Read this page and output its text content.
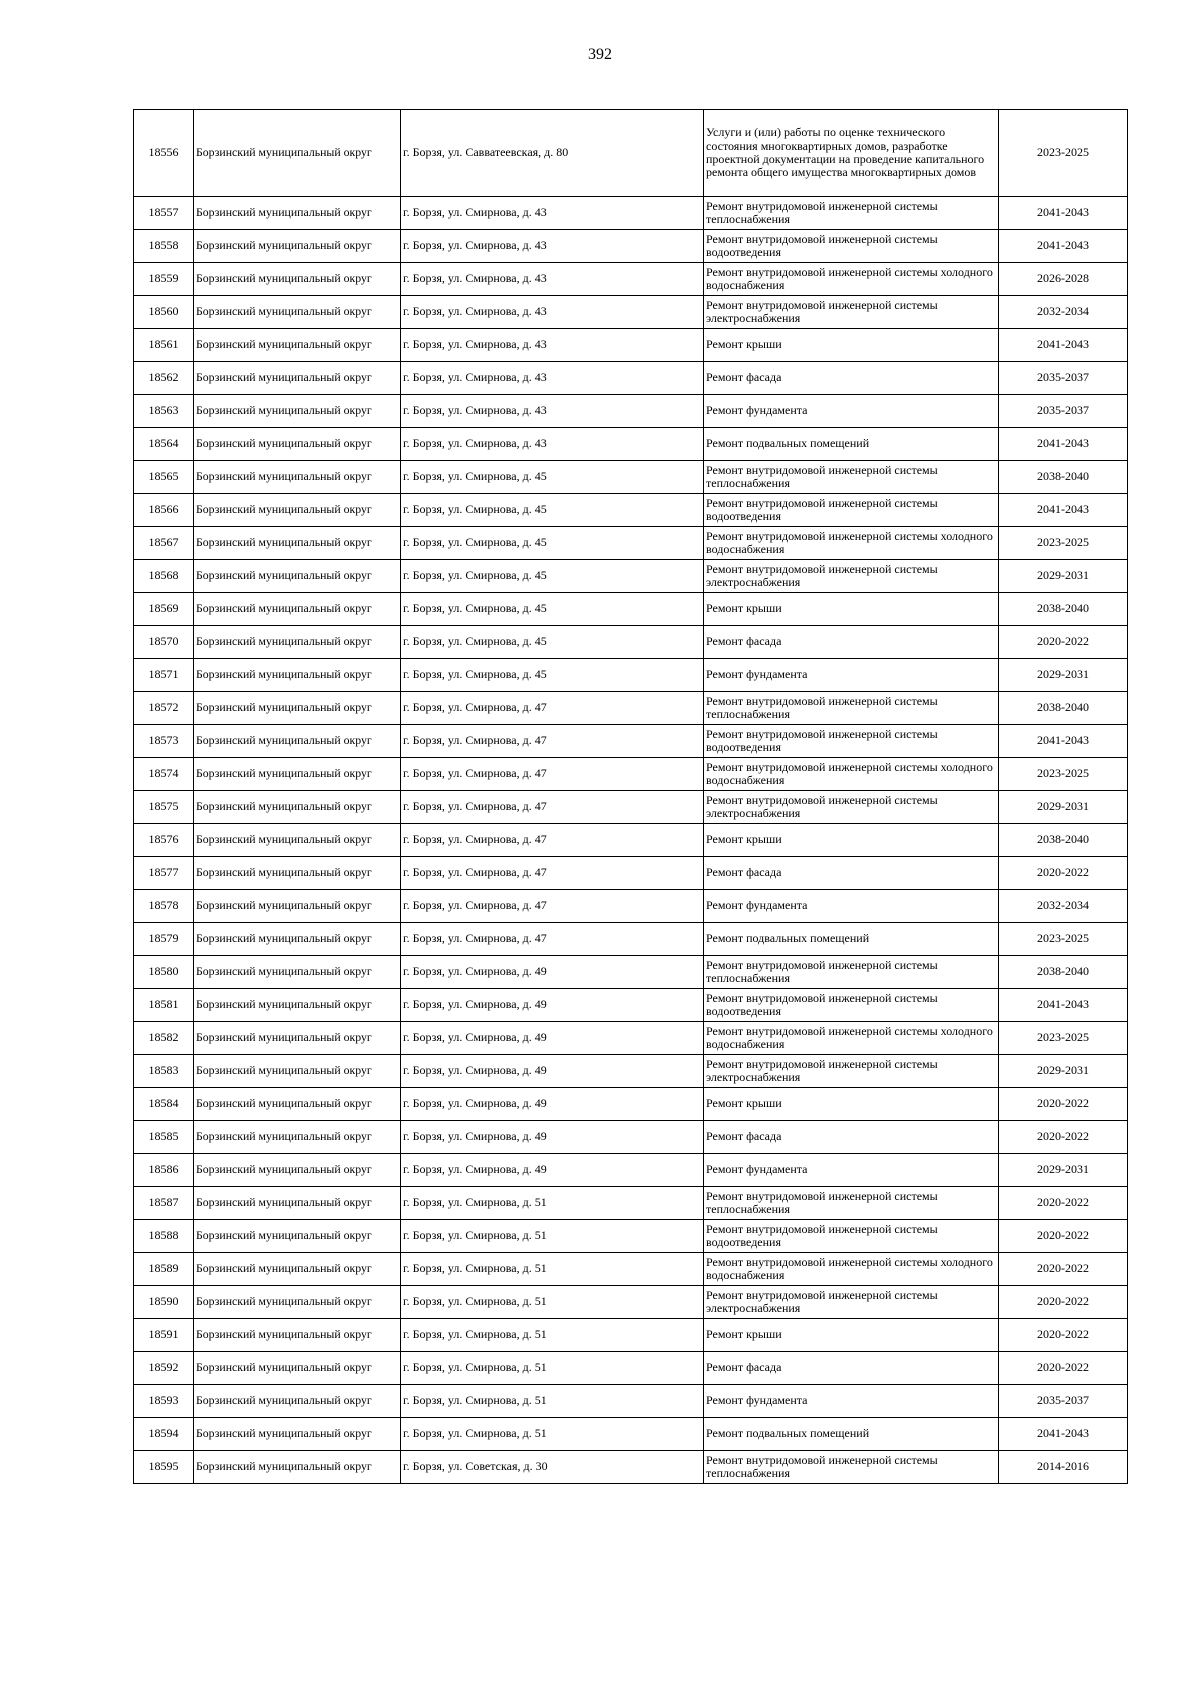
392
18556	Борзинский муниципальный округ	г. Борзя, ул. Савватеевская, д. 80	Услуги и (или) работы по оценке технического состояния многоквартирных домов, разработке проектной документации на проведение капитального ремонта общего имущества многоквартирных домов	2023-2025
18557	Борзинский муниципальный округ	г. Борзя, ул. Смирнова, д. 43	Ремонт внутридомовой инженерной системы теплоснабжения	2041-2043
18558	Борзинский муниципальный округ	г. Борзя, ул. Смирнова, д. 43	Ремонт внутридомовой инженерной системы водоотведения	2041-2043
18559	Борзинский муниципальный округ	г. Борзя, ул. Смирнова, д. 43	Ремонт внутридомовой инженерной системы холодного водоснабжения	2026-2028
18560	Борзинский муниципальный округ	г. Борзя, ул. Смирнова, д. 43	Ремонт внутридомовой инженерной системы электроснабжения	2032-2034
18561	Борзинский муниципальный округ	г. Борзя, ул. Смирнова, д. 43	Ремонт крыши	2041-2043
18562	Борзинский муниципальный округ	г. Борзя, ул. Смирнова, д. 43	Ремонт фасада	2035-2037
18563	Борзинский муниципальный округ	г. Борзя, ул. Смирнова, д. 43	Ремонт фундамента	2035-2037
18564	Борзинский муниципальный округ	г. Борзя, ул. Смирнова, д. 43	Ремонт подвальных помещений	2041-2043
18565	Борзинский муниципальный округ	г. Борзя, ул. Смирнова, д. 45	Ремонт внутридомовой инженерной системы теплоснабжения	2038-2040
18566	Борзинский муниципальный округ	г. Борзя, ул. Смирнова, д. 45	Ремонт внутридомовой инженерной системы водоотведения	2041-2043
18567	Борзинский муниципальный округ	г. Борзя, ул. Смирнова, д. 45	Ремонт внутридомовой инженерной системы холодного водоснабжения	2023-2025
18568	Борзинский муниципальный округ	г. Борзя, ул. Смирнова, д. 45	Ремонт внутридомовой инженерной системы электроснабжения	2029-2031
18569	Борзинский муниципальный округ	г. Борзя, ул. Смирнова, д. 45	Ремонт крыши	2038-2040
18570	Борзинский муниципальный округ	г. Борзя, ул. Смирнова, д. 45	Ремонт фасада	2020-2022
18571	Борзинский муниципальный округ	г. Борзя, ул. Смирнова, д. 45	Ремонт фундамента	2029-2031
18572	Борзинский муниципальный округ	г. Борзя, ул. Смирнова, д. 47	Ремонт внутридомовой инженерной системы теплоснабжения	2038-2040
18573	Борзинский муниципальный округ	г. Борзя, ул. Смирнова, д. 47	Ремонт внутридомовой инженерной системы водоотведения	2041-2043
18574	Борзинский муниципальный округ	г. Борзя, ул. Смирнова, д. 47	Ремонт внутридомовой инженерной системы холодного водоснабжения	2023-2025
18575	Борзинский муниципальный округ	г. Борзя, ул. Смирнова, д. 47	Ремонт внутридомовой инженерной системы электроснабжения	2029-2031
18576	Борзинский муниципальный округ	г. Борзя, ул. Смирнова, д. 47	Ремонт крыши	2038-2040
18577	Борзинский муниципальный округ	г. Борзя, ул. Смирнова, д. 47	Ремонт фасада	2020-2022
18578	Борзинский муниципальный округ	г. Борзя, ул. Смирнова, д. 47	Ремонт фундамента	2032-2034
18579	Борзинский муниципальный округ	г. Борзя, ул. Смирнова, д. 47	Ремонт подвальных помещений	2023-2025
18580	Борзинский муниципальный округ	г. Борзя, ул. Смирнова, д. 49	Ремонт внутридомовой инженерной системы теплоснабжения	2038-2040
18581	Борзинский муниципальный округ	г. Борзя, ул. Смирнова, д. 49	Ремонт внутридомовой инженерной системы водоотведения	2041-2043
18582	Борзинский муниципальный округ	г. Борзя, ул. Смирнова, д. 49	Ремонт внутридомовой инженерной системы холодного водоснабжения	2023-2025
18583	Борзинский муниципальный округ	г. Борзя, ул. Смирнова, д. 49	Ремонт внутридомовой инженерной системы электроснабжения	2029-2031
18584	Борзинский муниципальный округ	г. Борзя, ул. Смирнова, д. 49	Ремонт крыши	2020-2022
18585	Борзинский муниципальный округ	г. Борзя, ул. Смирнова, д. 49	Ремонт фасада	2020-2022
18586	Борзинский муниципальный округ	г. Борзя, ул. Смирнова, д. 49	Ремонт фундамента	2029-2031
18587	Борзинский муниципальный округ	г. Борзя, ул. Смирнова, д. 51	Ремонт внутридомовой инженерной системы теплоснабжения	2020-2022
18588	Борзинский муниципальный округ	г. Борзя, ул. Смирнова, д. 51	Ремонт внутридомовой инженерной системы водоотведения	2020-2022
18589	Борзинский муниципальный округ	г. Борзя, ул. Смирнова, д. 51	Ремонт внутридомовой инженерной системы холодного водоснабжения	2020-2022
18590	Борзинский муниципальный округ	г. Борзя, ул. Смирнова, д. 51	Ремонт внутридомовой инженерной системы электроснабжения	2020-2022
18591	Борзинский муниципальный округ	г. Борзя, ул. Смирнова, д. 51	Ремонт крыши	2020-2022
18592	Борзинский муниципальный округ	г. Борзя, ул. Смирнова, д. 51	Ремонт фасада	2020-2022
18593	Борзинский муниципальный округ	г. Борзя, ул. Смирнова, д. 51	Ремонт фундамента	2035-2037
18594	Борзинский муниципальный округ	г. Борзя, ул. Смирнова, д. 51	Ремонт подвальных помещений	2041-2043
18595	Борзинский муниципальный округ	г. Борзя, ул. Советская, д. 30	Ремонт внутридомовой инженерной системы теплоснабжения	2014-2016
